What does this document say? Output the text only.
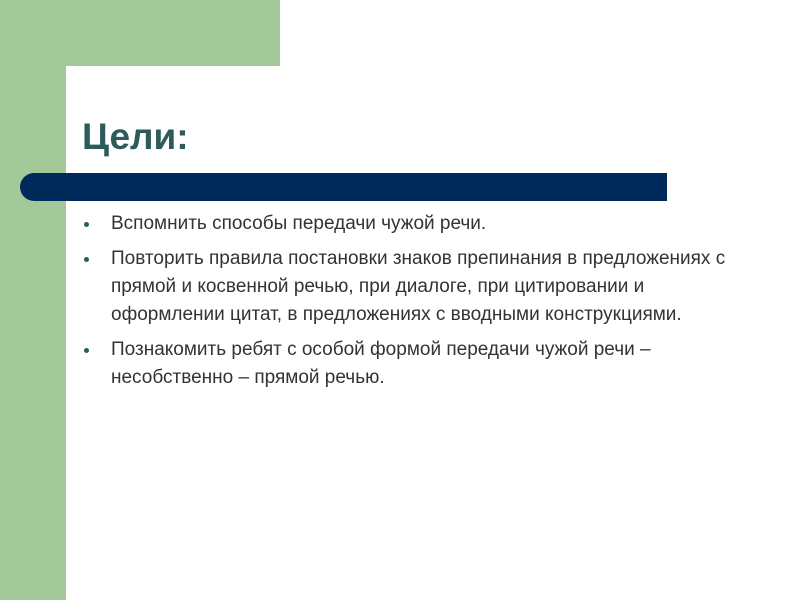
Цели:
Вспомнить способы передачи чужой речи.
Повторить правила постановки знаков препинания в предложениях с прямой и косвенной речью, при диалоге, при цитировании и оформлении цитат, в предложениях с вводными конструкциями.
Познакомить ребят с особой формой передачи чужой речи – несобственно – прямой речью.
